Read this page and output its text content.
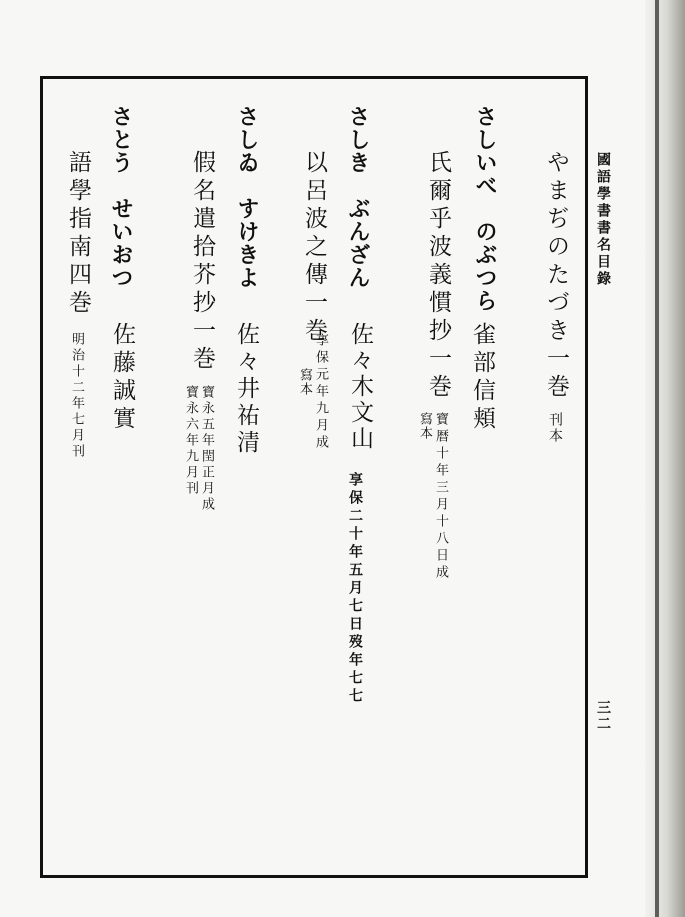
國語學書書名目錄
三二
やまぢのたづき一巻
刊本
さしいべ　のぶつら
氏爾乎波義慣抄一巻 雀部信頬
寫本 寶暦十年三月十八日成
さしき　ぶんざん
以呂波之傳一巻
佐々木文山
寫本 享保元年九月成
享保二十年五月七日歿年七七
さしゐ　すけきよ
假名遣拾芥抄一巻
佐々井祐清
寶永五年閏正月成
寶永六年九月刊
さとう　せいおつ
語學指南四巻
佐藤誠實
明治十二年七月刊
